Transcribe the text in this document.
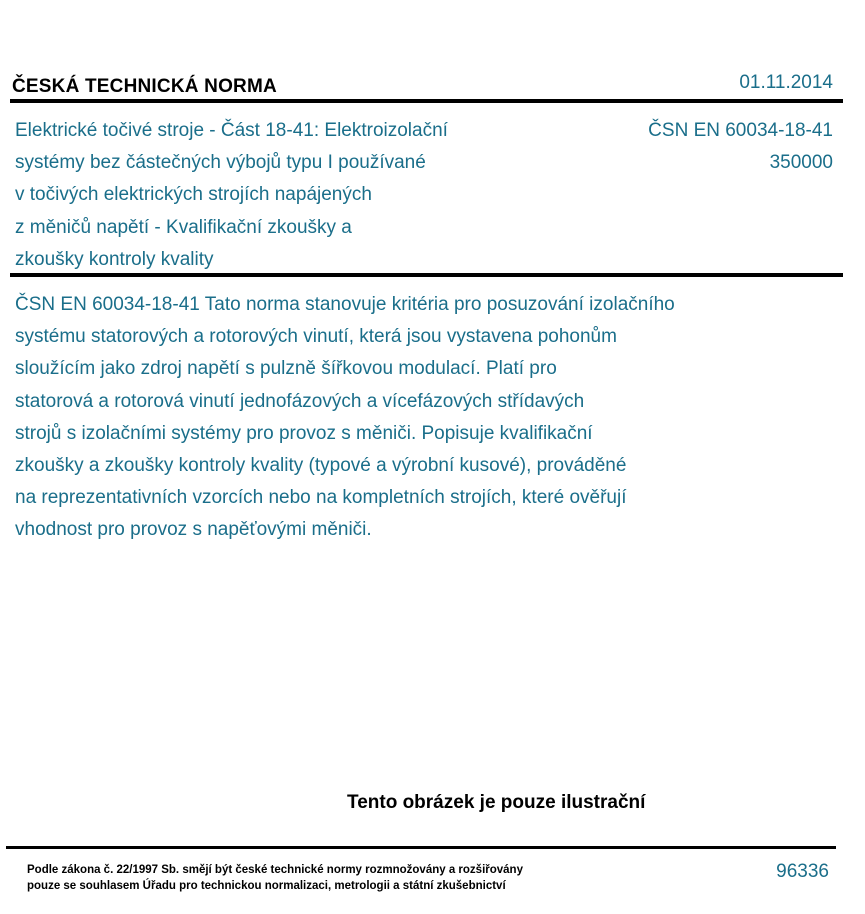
ČESKÁ TECHNICKÁ NORMA	01.11.2014
Elektrické točivé stroje - Část 18-41: Elektroizolační
systémy bez částečných výbojů typu I používané
v točivých elektrických strojích napájených
z měničů napětí - Kvalifikační zkoušky a
zkoušky kontroly kvality
ČSN EN 60034-18-41
350000
ČSN EN 60034-18-41 Tato norma stanovuje kritéria pro posuzování izolačního
systému statorových a rotorových vinutí, která jsou vystavena pohonům
sloužícím jako zdroj napětí s pulzně šířkovou modulací. Platí pro
statorová a rotorová vinutí jednofázových a vícefázových střídavých
strojů s izolačními systémy pro provoz s měniči. Popisuje kvalifikační
zkoušky a zkoušky kontroly kvality (typové a výrobní kusové), prováděné
na reprezentativních vzorcích nebo na kompletních strojích, které ověřují
vhodnost pro provoz s napěťovými měniči.
Tento obrázek je pouze ilustrační
Podle zákona č. 22/1997 Sb. smějí být české technické normy rozmnožovány a rozšiřovány
pouze se souhlasem Úřadu pro technickou normalizaci, metrologii a státní zkušebnictví
96336
